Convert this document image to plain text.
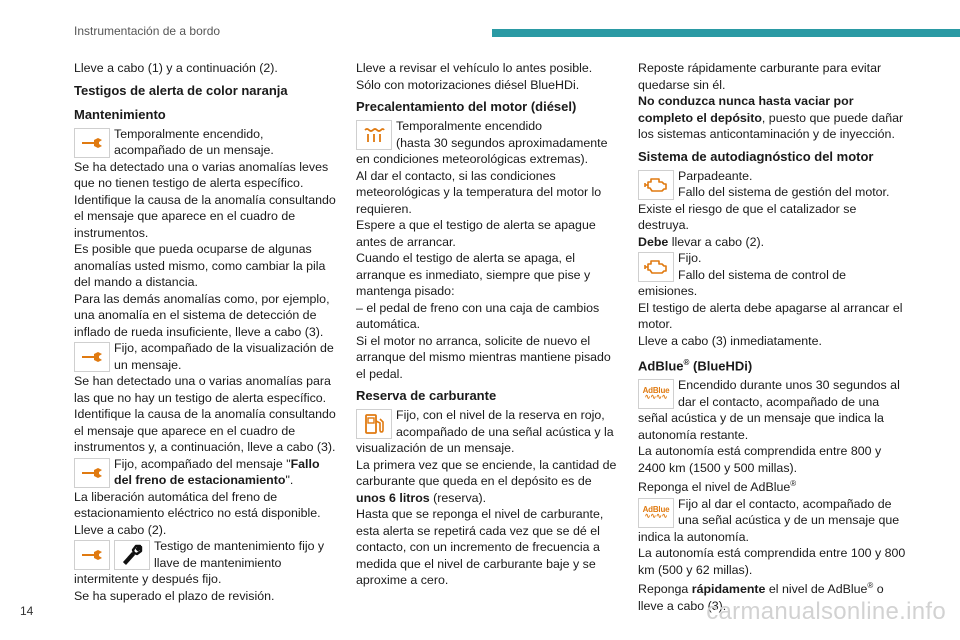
Instrumentación de a bordo

Lleve a cabo (1) y a continuación (2).

Testigos de alerta de color naranja
Mantenimiento
Temporalmente encendido, acompañado de un mensaje.

Se ha detectado una o varias anomalías leves que no tienen testigo de alerta específico.
Identifique la causa de la anomalía consultando el mensaje que aparece en el cuadro de instrumentos.
Es posible que pueda ocuparse de algunas anomalías usted mismo, como cambiar la pila del mando a distancia.
Para las demás anomalías como, por ejemplo, una anomalía en el sistema de detección de inflado de rueda insuficiente, lleve a cabo (3).

Fijo, acompañado de la visualización de un mensaje.

Se han detectado una o varias anomalías para las que no hay un testigo de alerta específico.
Identifique la causa de la anomalía consultando el mensaje que aparece en el cuadro de instrumentos y, a continuación, lleve a cabo (3).

Fijo, acompañado del mensaje "Fallo del freno de estacionamiento".

La liberación automática del freno de estacionamiento eléctrico no está disponible.
Lleve a cabo (2).

Testigo de mantenimiento fijo y llave de mantenimiento intermitente y después fijo.

Se ha superado el plazo de revisión.

Lleve a revisar el vehículo lo antes posible.
Sólo con motorizaciones diésel BlueHDi.

Precalentamiento del motor (diésel)
Temporalmente encendido
(hasta 30 segundos aproximadamente en condiciones meteorológicas extremas).

Al dar el contacto, si las condiciones meteorológicas y la temperatura del motor lo requieren.
Espere a que el testigo de alerta se apague antes de arrancar.
Cuando el testigo de alerta se apaga, el arranque es inmediato, siempre que pise y mantenga pisado:
– el pedal de freno con una caja de cambios automática.
Si el motor no arranca, solicite de nuevo el arranque del mismo mientras mantiene pisado el pedal.

Reserva de carburante
Fijo, con el nivel de la reserva en rojo, acompañado de una señal acústica y la visualización de un mensaje.

La primera vez que se enciende, la cantidad de carburante que queda en el depósito es de unos 6 litros (reserva).

Hasta que se reponga el nivel de carburante, esta alerta se repetirá cada vez que se dé el contacto, con un incremento de frecuencia a medida que el nivel de carburante baje y se aproxime a cero.

Reposte rápidamente carburante para evitar quedarse sin él.

No conduzca nunca hasta vaciar por completo el depósito, puesto que puede dañar los sistemas anticontaminación y de inyección.

Sistema de autodiagnóstico del motor
Parpadeante.
Fallo del sistema de gestión del motor.

Existe el riesgo de que el catalizador se destruya.

Debe llevar a cabo (2).

Fijo.
Fallo del sistema de control de emisiones.

El testigo de alerta debe apagarse al arrancar el motor.
Lleve a cabo (3) inmediatamente.

AdBlue® (BlueHDi)
AdBlue
∿∿∿∿
Encendido durante unos 30 segundos al dar el contacto, acompañado de una señal acústica y de un mensaje que indica la autonomía restante.

La autonomía está comprendida entre 800 y 2400 km (1500 y 500 millas).

Reponga el nivel de AdBlue®

AdBlue
∿∿∿∿
Fijo al dar el contacto, acompañado de una señal acústica y de un mensaje que indica la autonomía.

La autonomía está comprendida entre 100 y 800 km (500 y 62 millas).

Reponga rápidamente el nivel de AdBlue® o lleve a cabo (3).

14	carmanualsonline.info
